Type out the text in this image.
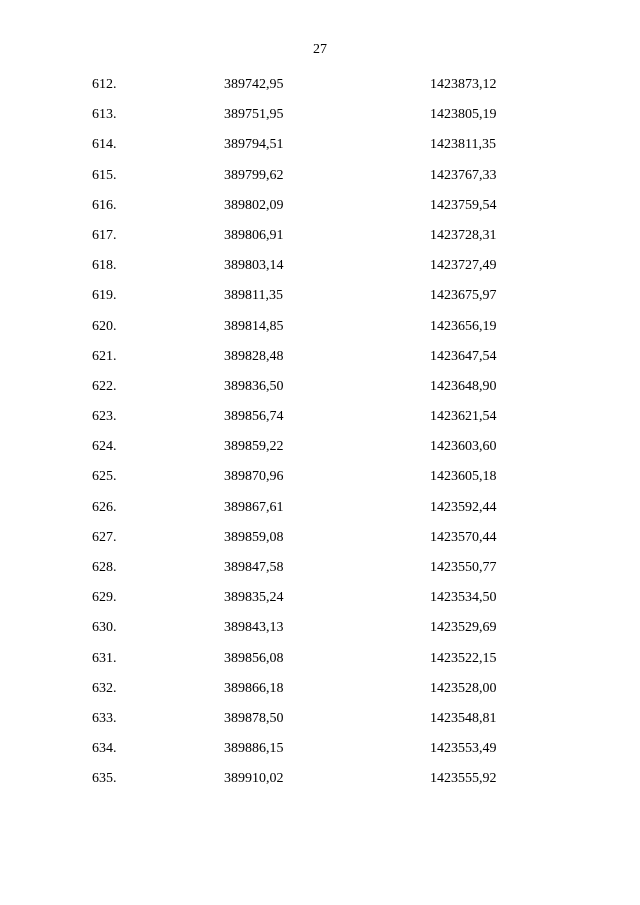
27
612.	389742,95	1423873,12
613.	389751,95	1423805,19
614.	389794,51	1423811,35
615.	389799,62	1423767,33
616.	389802,09	1423759,54
617.	389806,91	1423728,31
618.	389803,14	1423727,49
619.	389811,35	1423675,97
620.	389814,85	1423656,19
621.	389828,48	1423647,54
622.	389836,50	1423648,90
623.	389856,74	1423621,54
624.	389859,22	1423603,60
625.	389870,96	1423605,18
626.	389867,61	1423592,44
627.	389859,08	1423570,44
628.	389847,58	1423550,77
629.	389835,24	1423534,50
630.	389843,13	1423529,69
631.	389856,08	1423522,15
632.	389866,18	1423528,00
633.	389878,50	1423548,81
634.	389886,15	1423553,49
635.	389910,02	1423555,92
